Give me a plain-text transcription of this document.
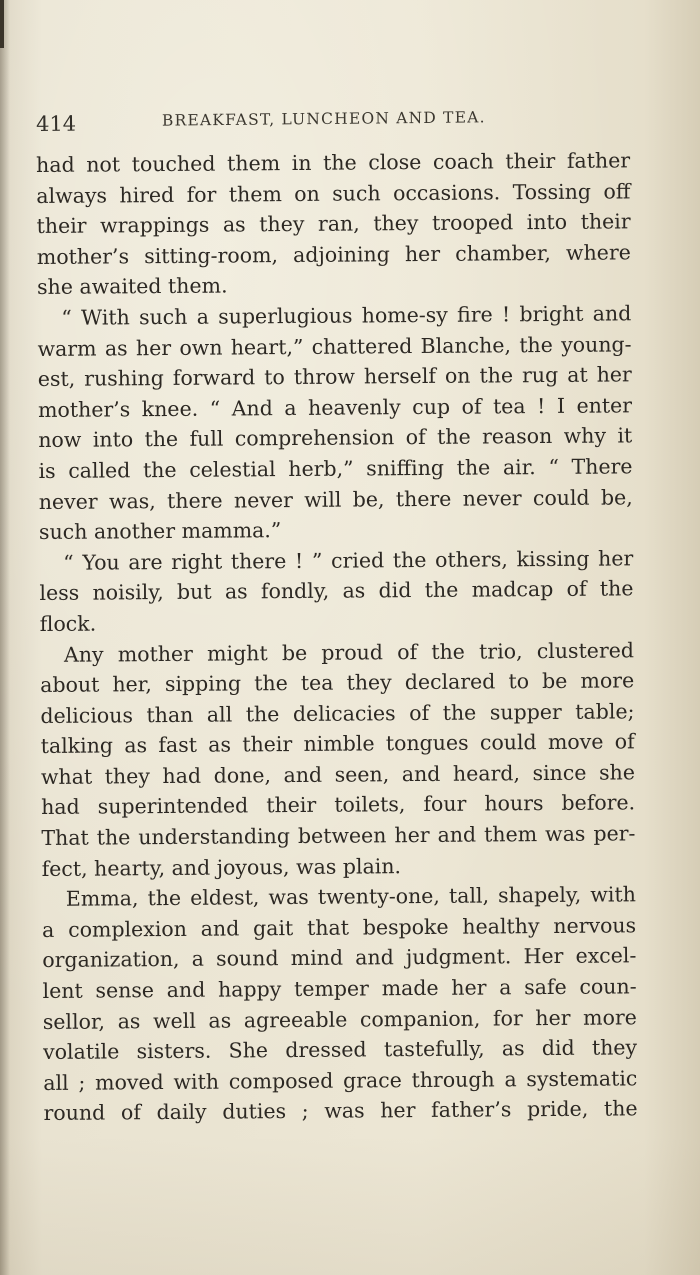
414	BREAKFAST, LUNCHEON AND TEA.
had not touched them in the close coach their father
always hired for them on such occasions. Tossing off
their wrappings as they ran, they trooped into their
mother’s sitting-room, adjoining her chamber, where
she awaited them.
“ With such a superlugious home-sy fire ! bright and
warm as her own heart,” chattered Blanche, the young-
est, rushing forward to throw herself on the rug at her
mother’s knee. “ And a heavenly cup of tea ! I enter
now into the full comprehension of the reason why it
is called the celestial herb,” sniffing the air. “ There
never was, there never will be, there never could be,
such another mamma.”
“ You are right there ! ” cried the others, kissing her
less noisily, but as fondly, as did the madcap of the
flock.
Any mother might be proud of the trio, clustered
about her, sipping the tea they declared to be more
delicious than all the delicacies of the supper table;
talking as fast as their nimble tongues could move of
what they had done, and seen, and heard, since she
had superintended their toilets, four hours before.
That the understanding between her and them was per-
fect, hearty, and joyous, was plain.
Emma, the eldest, was twenty-one, tall, shapely, with
a complexion and gait that bespoke healthy nervous
organization, a sound mind and judgment. Her excel-
lent sense and happy temper made her a safe coun-
sellor, as well as agreeable companion, for her more
volatile sisters. She dressed tastefully, as did they
all ; moved with composed grace through a systematic
round of daily duties ; was her father’s pride, the
